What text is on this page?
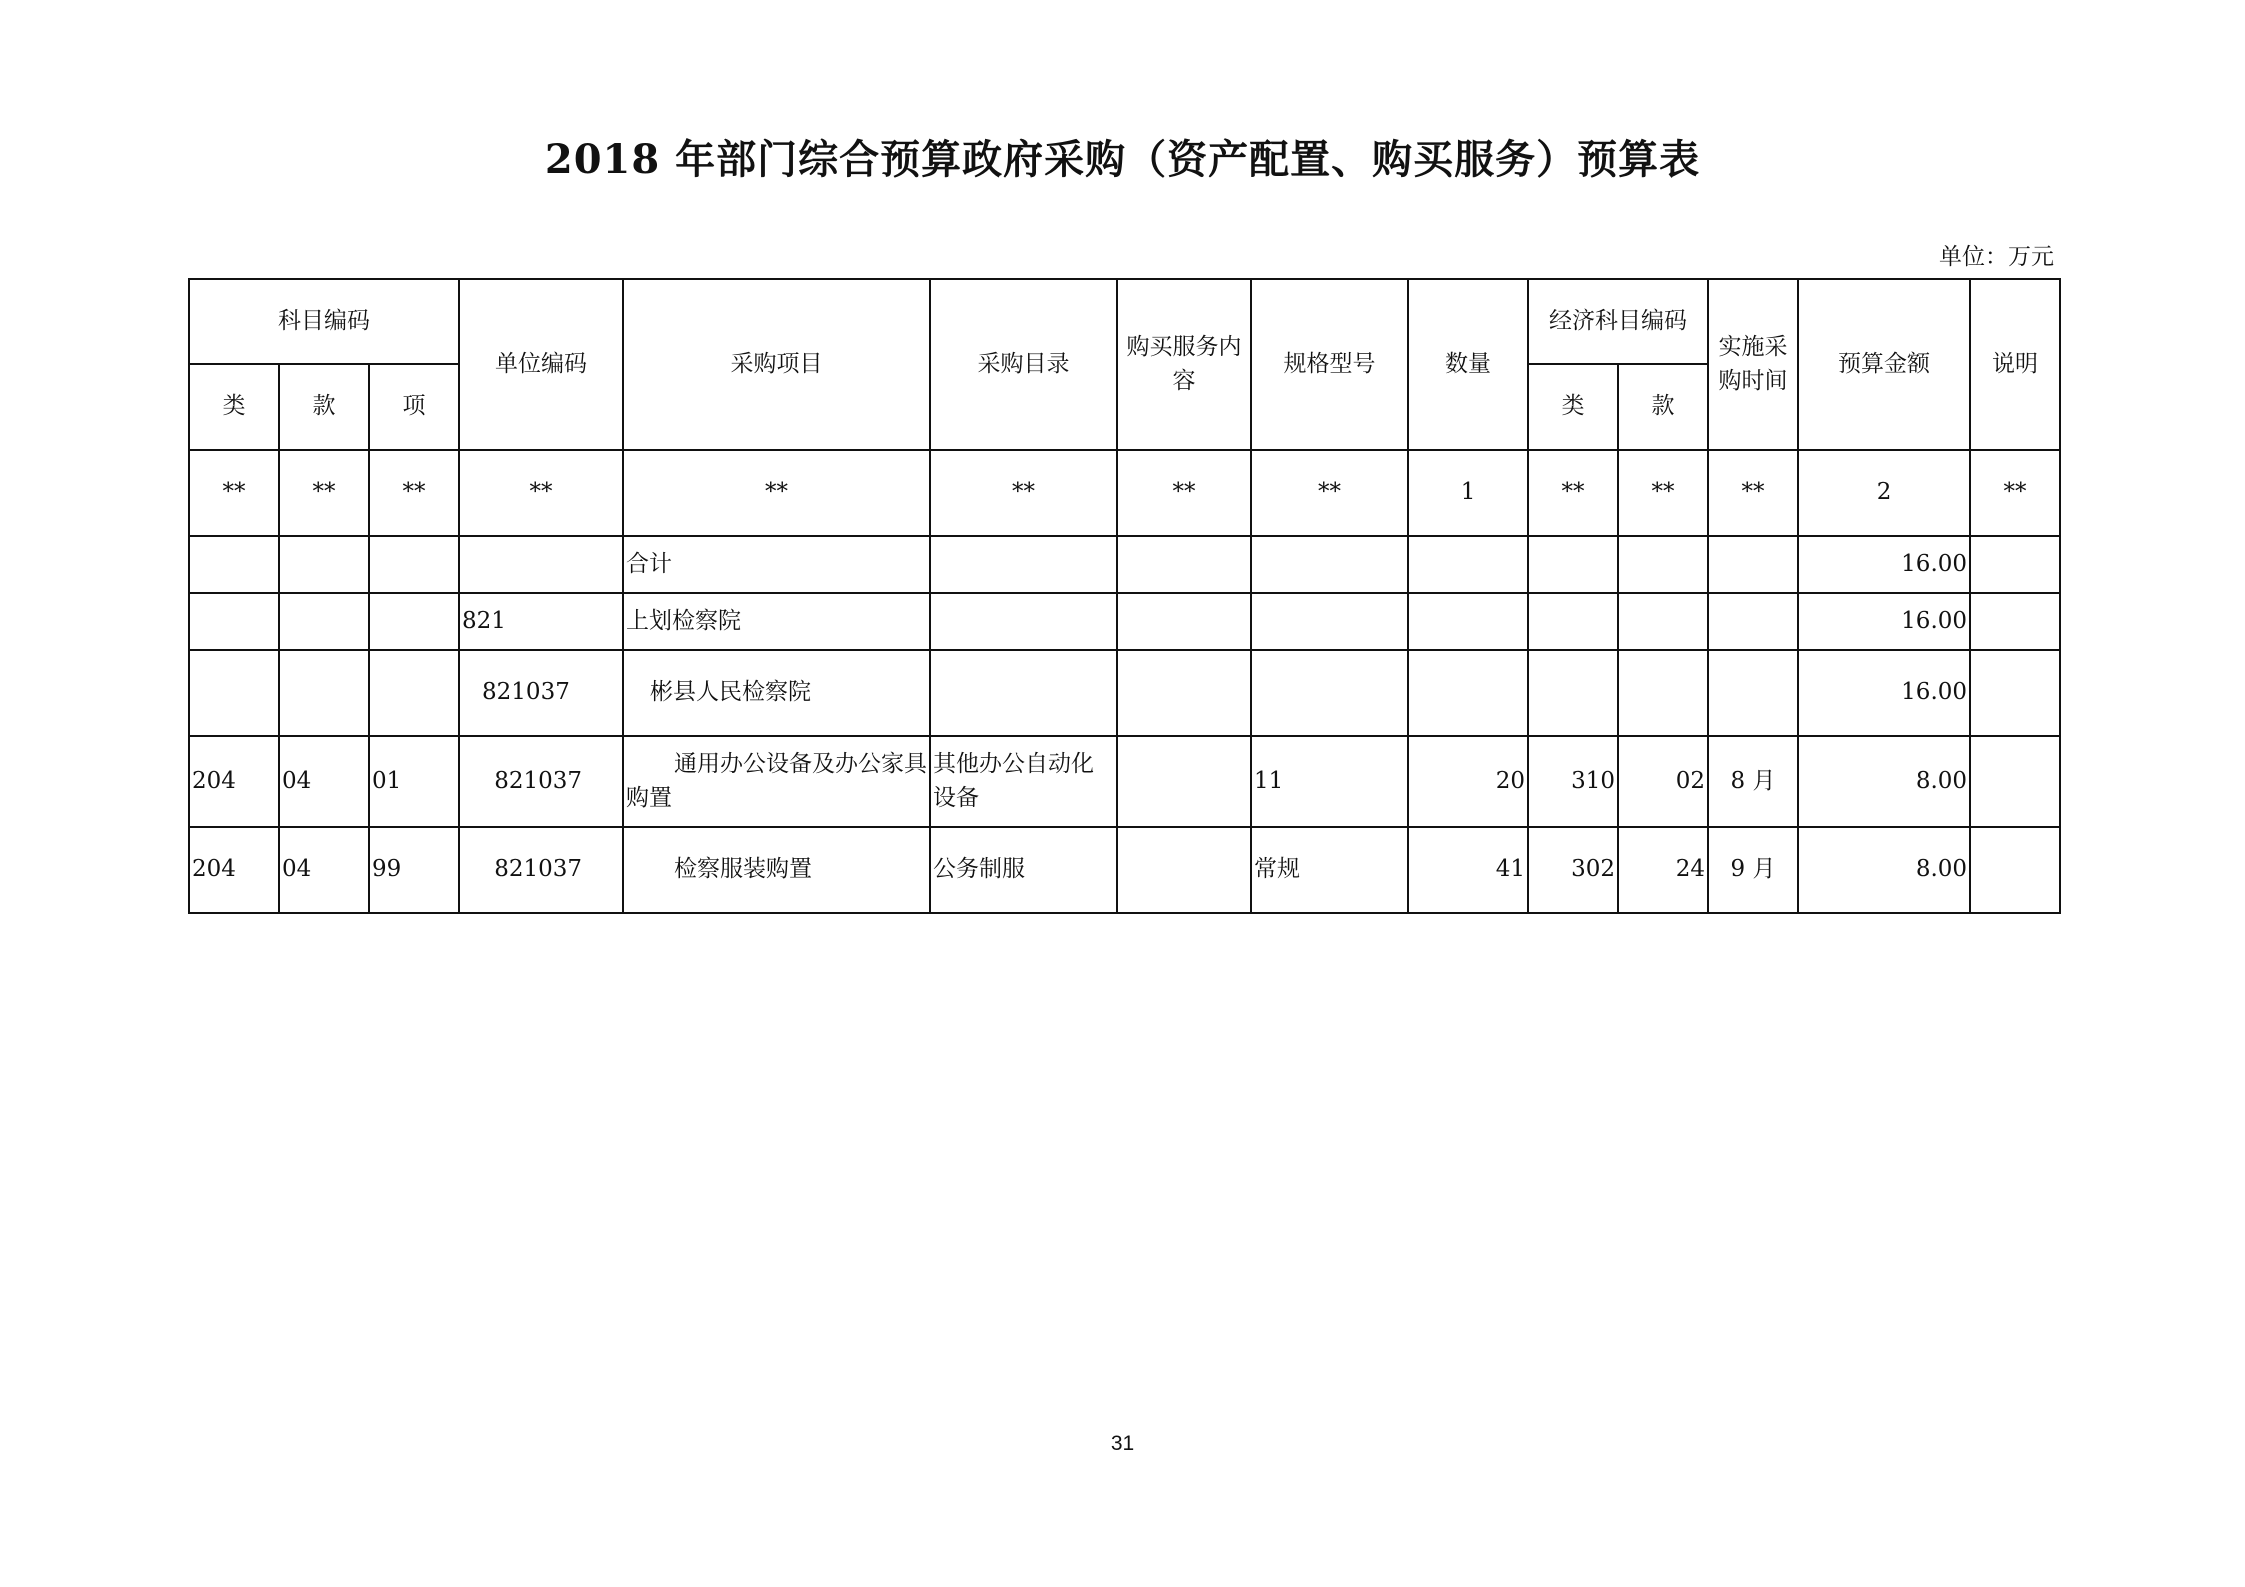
2018 年部门综合预算政府采购（资产配置、购买服务）预算表
单位：万元
科目编码			单位编码	采购项目	采购目录	购买服务内容	规格型号	数量	经济科目编码		实施采购时间	预算金额	说明
类	款	项							类	款			
**	**	**	**	**	**	**	**	1	**	**	**	2	**
				合计								16.00	
			821	上划检察院								16.00	
			821037	彬县人民检察院								16.00	
204	04	01	821037	通用办公设备及办公家具购置	其他办公自动化设备		11	20	310	02	8 月	8.00	
204	04	99	821037	检察服装购置	公务制服		常规	41	302	24	9 月	8.00	
31
